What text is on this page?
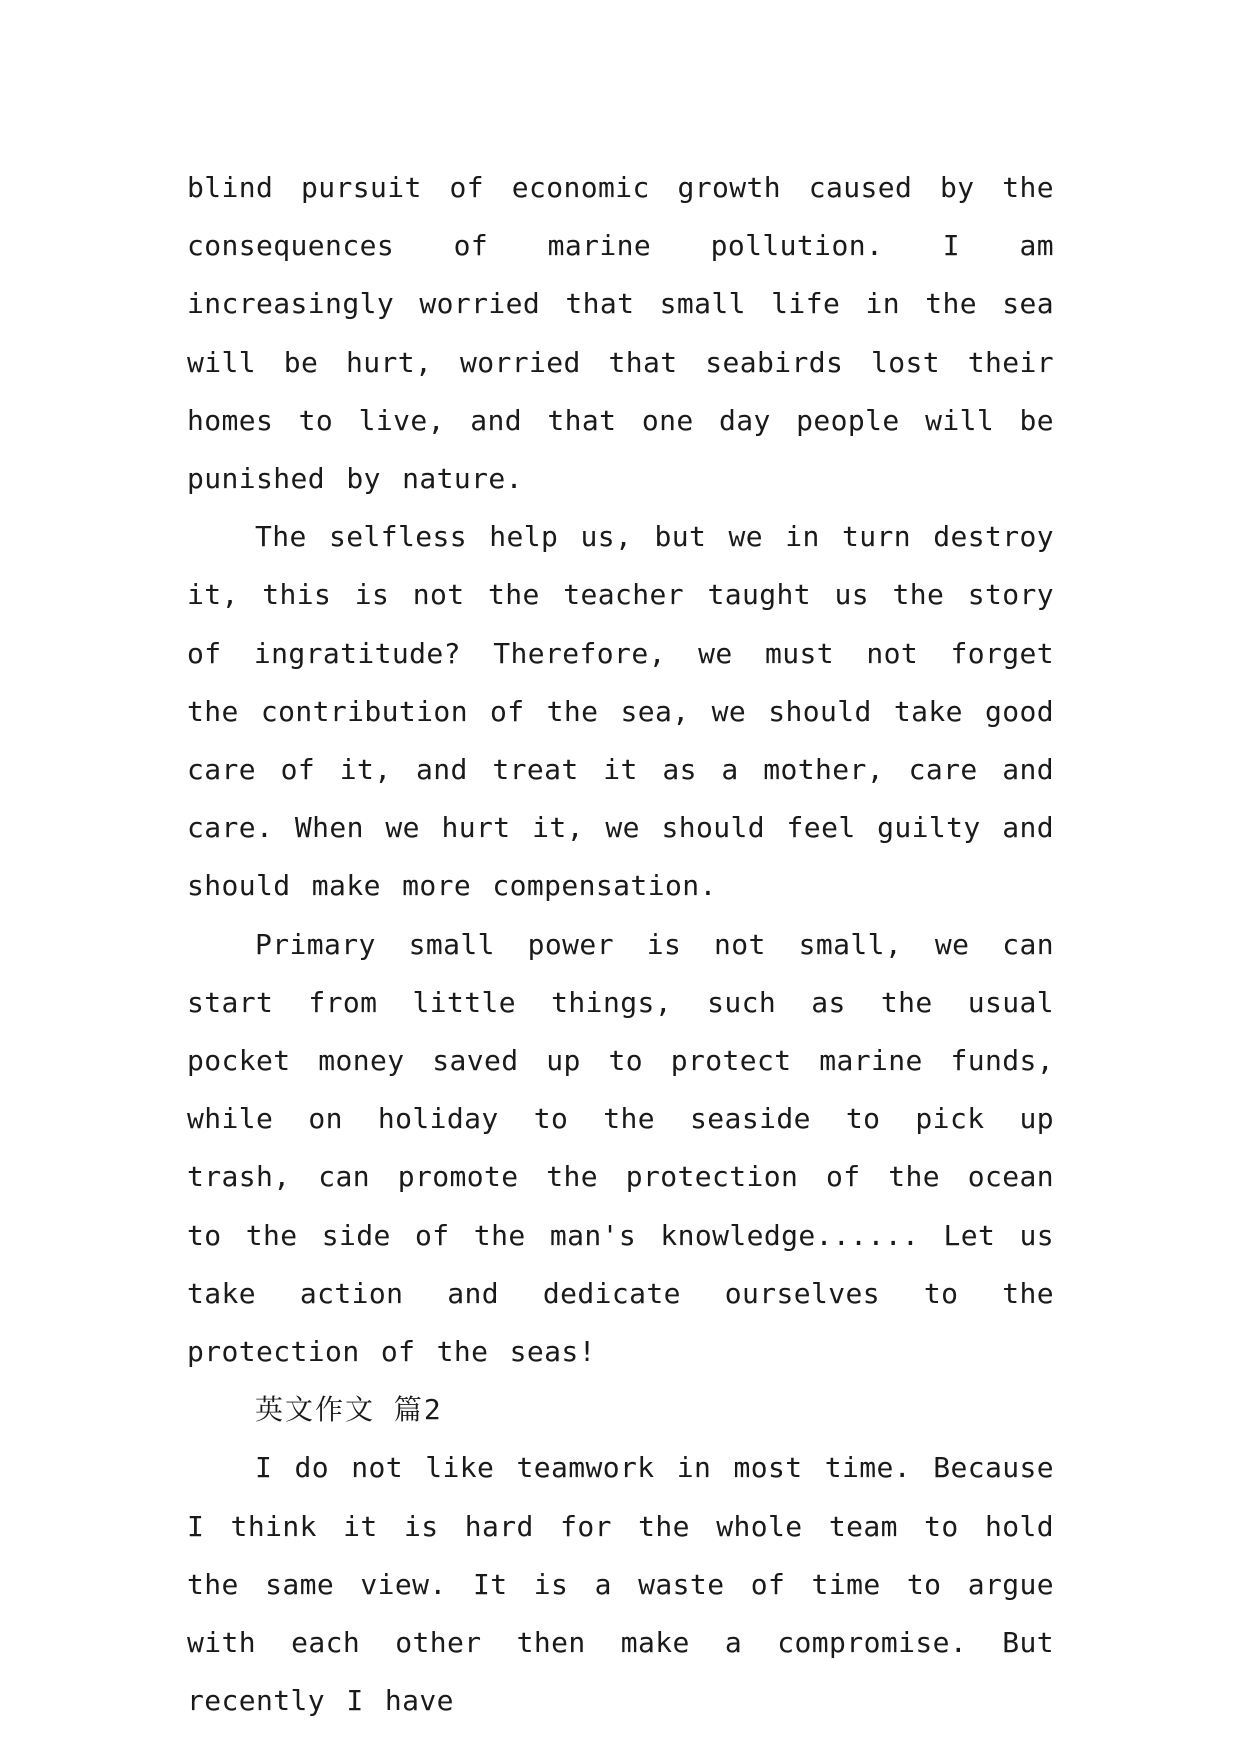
blind pursuit of economic growth caused by the consequences of marine pollution. I am increasingly worried that small life in the sea will be hurt, worried that seabirds lost their homes to live, and that one day people will be punished by nature.

The selfless help us, but we in turn destroy it, this is not the teacher taught us the story of ingratitude? Therefore, we must not forget the contribution of the sea, we should take good care of it, and treat it as a mother, care and care. When we hurt it, we should feel guilty and should make more compensation.

Primary small power is not small, we can start from little things, such as the usual pocket money saved up to protect marine funds, while on holiday to the seaside to pick up trash, can promote the protection of the ocean to the side of the man's knowledge...... Let us take action and dedicate ourselves to the protection of the seas!

英文作文 篇2

I do not like teamwork in most time. Because I think it is hard for the whole team to hold the same view. It is a waste of time to argue with each other then make a compromise. But recently I have
